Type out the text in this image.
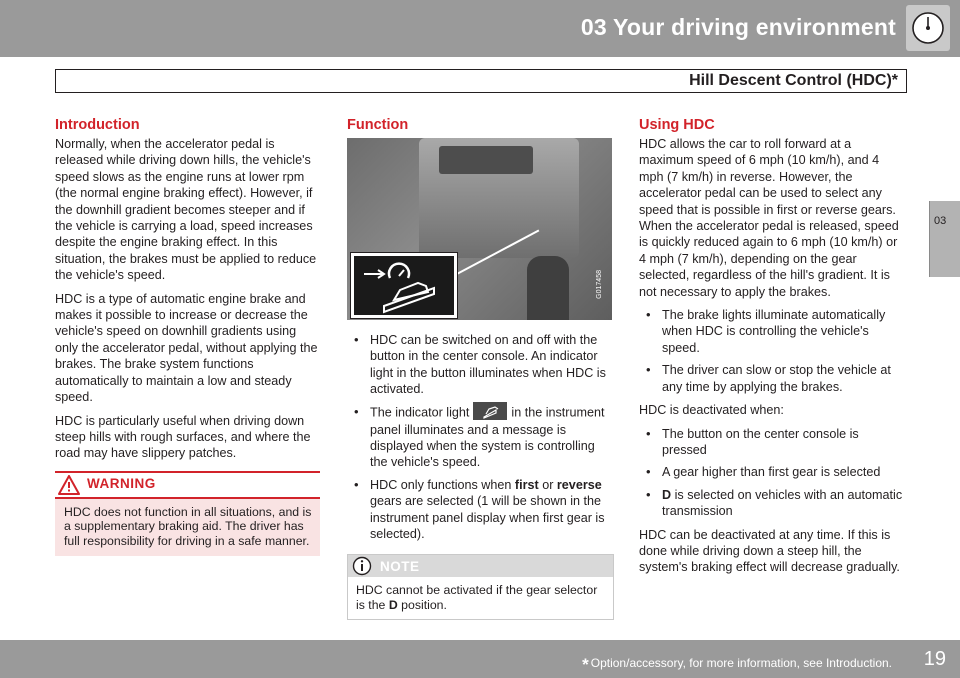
03 Your driving environment
Hill Descent Control (HDC)*
03
Introduction

Normally, when the accelerator pedal is released while driving down hills, the vehicle's speed slows as the engine runs at lower rpm (the normal engine braking effect). However, if the downhill gradient becomes steeper and if the vehicle is carrying a load, speed increases despite the engine braking effect. In this situation, the brakes must be applied to reduce the vehicle's speed.

HDC is a type of automatic engine brake and makes it possible to increase or decrease the vehicle's speed on downhill gradients using only the accelerator pedal, without applying the brakes. The brake system functions automatically to maintain a low and steady speed.

HDC is particularly useful when driving down steep hills with rough surfaces, and where the road may have slippery patches.

WARNING
HDC does not function in all situations, and is a supplementary braking aid. The driver has full responsibility for driving in a safe manner.
Function
G017458
• HDC can be switched on and off with the button in the center console. An indicator light in the button illuminates when HDC is activated.
• The indicator light	in the instrument panel illuminates and a message is displayed when the system is controlling the vehicle's speed.
• HDC only functions when first or reverse gears are selected (1 will be shown in the instrument panel display when first gear is selected).
NOTE
HDC cannot be activated if the gear selector is the D position.
Using HDC

HDC allows the car to roll forward at a maximum speed of 6 mph (10 km/h), and 4 mph (7 km/h) in reverse. However, the accelerator pedal can be used to select any speed that is possible in first or reverse gears. When the accelerator pedal is released, speed is quickly reduced again to 6 mph (10 km/h) or 4 mph (7 km/h), depending on the gear selected, regardless of the hill's gradient. It is not necessary to apply the brakes.

• The brake lights illuminate automatically when HDC is controlling the vehicle's speed.
• The driver can slow or stop the vehicle at any time by applying the brakes.

HDC is deactivated when:

• The button on the center console is pressed
• A gear higher than first gear is selected
• D is selected on vehicles with an automatic transmission

HDC can be deactivated at any time. If this is done while driving down a steep hill, the system's braking effect will decrease gradually.

* Option/accessory, for more information, see Introduction. 19
